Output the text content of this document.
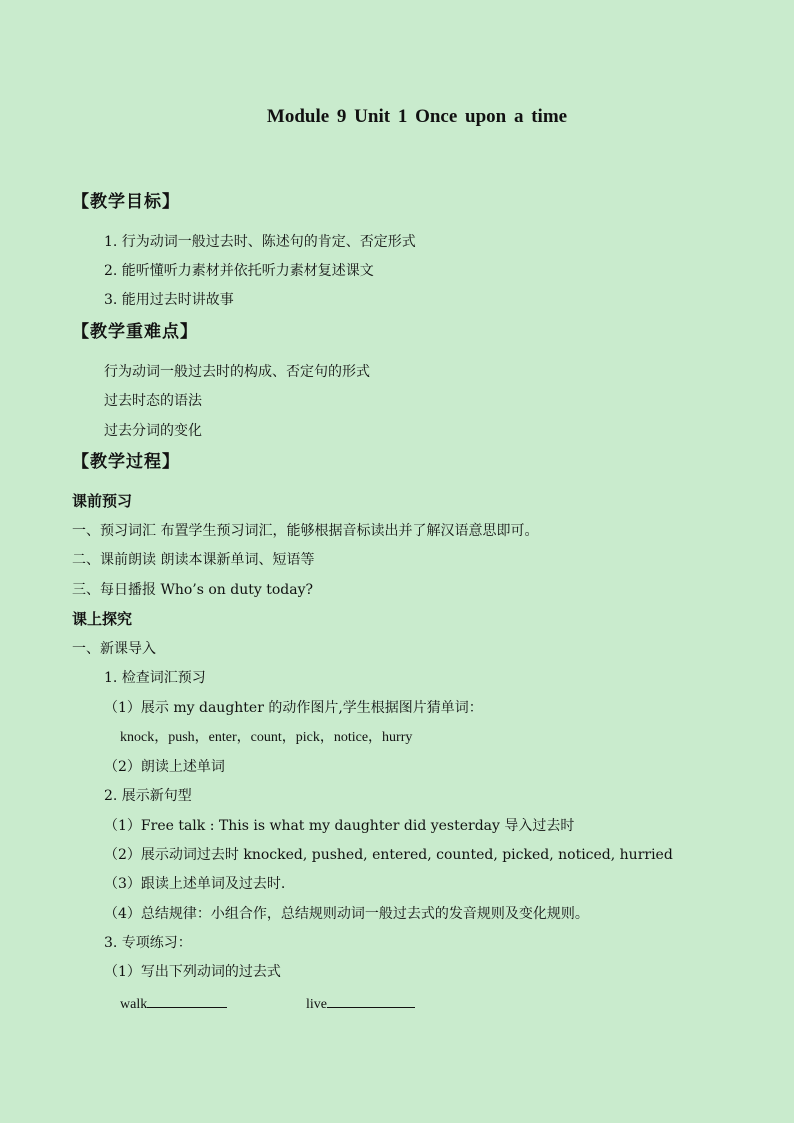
Module 9 Unit 1 Once upon a time
【教学目标】
1. 行为动词一般过去时、陈述句的肯定、否定形式
2. 能听懂听力素材并依托听力素材复述课文
3. 能用过去时讲故事
【教学重难点】
行为动词一般过去时的构成、否定句的形式
过去时态的语法
过去分词的变化
【教学过程】
课前预习
一、预习词汇 布置学生预习词汇，能够根据音标读出并了解汉语意思即可。
二、课前朗读 朗读本课新单词、短语等
三、每日播报 Who’s on duty today?
课上探究
一、新课导入
1. 检查词汇预习
（1）展示 my daughter 的动作图片,学生根据图片猜单词：
knock，push，enter，count，pick，notice，hurry
（2）朗读上述单词
2. 展示新句型
（1）Free talk : This is what my daughter did yesterday 导入过去时
（2）展示动词过去时 knocked, pushed, entered, counted, picked, noticed, hurried
（3）跟读上述单词及过去时.
（4）总结规律：小组合作，总结规则动词一般过去式的发音规则及变化规则。
3. 专项练习：
（1）写出下列动词的过去式
walk	live
